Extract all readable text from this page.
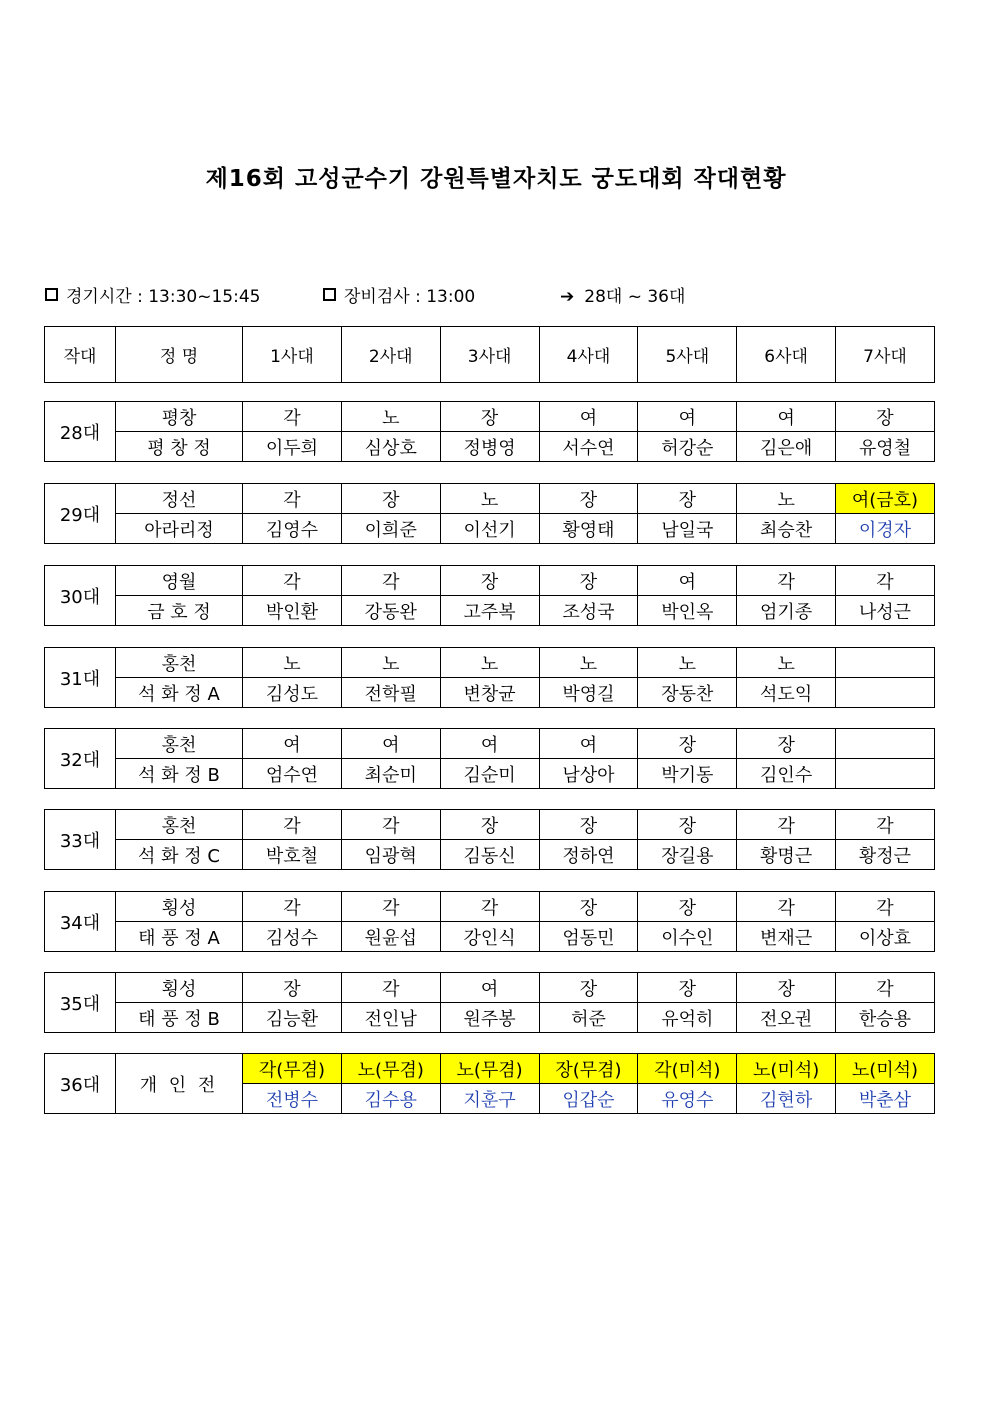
제16회 고성군수기 강원특별자치도 궁도대회 작대현황
경기시간 : 13:30~15:45	장비검사 : 13:00	➔ 28대 ~ 36대
작대	정 명	1사대	2사대	3사대	4사대	5사대	6사대	7사대
28대	평창	각	노	장	여	여	여	장
	평 창 정	이두희	심상호	정병영	서수연	허강순	김은애	유영철
29대	정선	각	장	노	장	장	노	여(금호)
	아라리정	김영수	이희준	이선기	황영태	남일국	최승찬	이경자
30대	영월	각	각	장	장	여	각	각
	금 호 정	박인환	강동완	고주복	조성국	박인옥	엄기종	나성근
31대	홍천	노	노	노	노	노	노	
	석 화 정 A	김성도	전학필	변창균	박영길	장동찬	석도익	
32대	홍천	여	여	여	여	장	장	
	석 화 정 B	엄수연	최순미	김순미	남상아	박기동	김인수	
33대	홍천	각	각	장	장	장	각	각
	석 화 정 C	박호철	임광혁	김동신	정하연	장길용	황명근	황정근
34대	횡성	각	각	각	장	장	각	각
	태 풍 정 A	김성수	원윤섭	강인식	엄동민	이수인	변재근	이상효
35대	횡성	장	각	여	장	장	장	각
	태 풍 정 B	김능환	전인남	원주봉	허준	유억히	전오권	한승용
36대	개 인 전	각(무겸)	노(무겸)	노(무겸)	장(무겸)	각(미석)	노(미석)	노(미석)
		전병수	김수용	지훈구	임갑순	유영수	김현하	박춘삼
